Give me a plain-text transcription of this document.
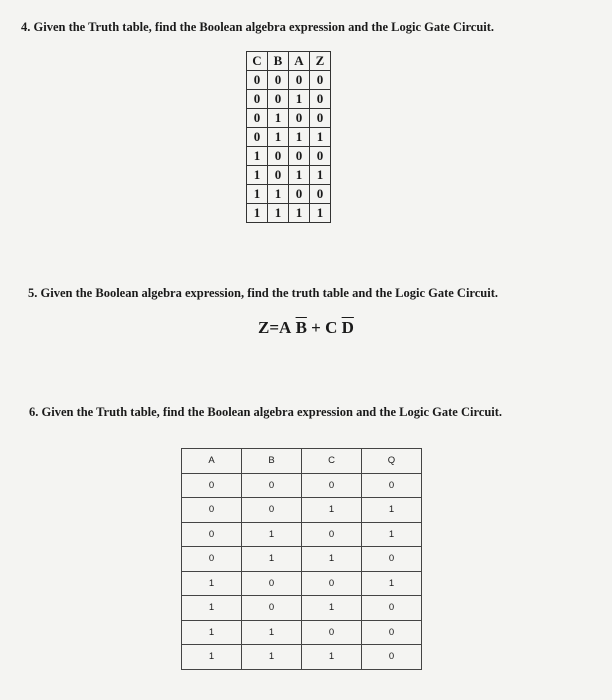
4. Given the Truth table, find the Boolean algebra expression and the Logic Gate Circuit.
C	B	A	Z
0	0	0	0
0	0	1	0
0	1	0	0
0	1	1	1
1	0	0	0
1	0	1	1
1	1	0	0
1	1	1	1
5. Given the Boolean algebra expression, find the truth table and the Logic Gate Circuit.
Z=A $\overline{B} + C$ $\overline{D}$
6. Given the Truth table, find the Boolean algebra expression and the Logic Gate Circuit.
A	B	C	Q
0	0	0	0
0	0	1	1
0	1	0	1
0	1	1	0
1	0	0	1
1	0	1	0
1	1	0	0
1	1	1	0
